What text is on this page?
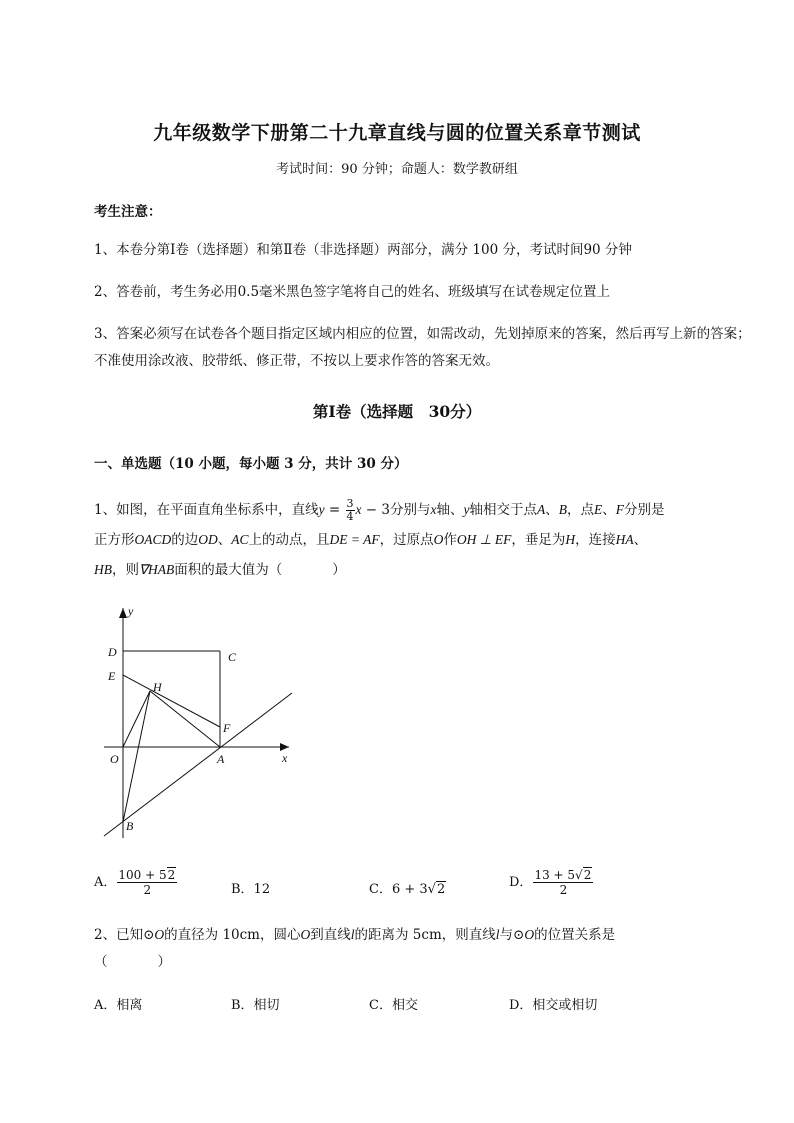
九年级数学下册第二十九章直线与圆的位置关系章节测试
考试时间：90 分钟；命题人：数学教研组
考生注意：
1、本卷分第Ⅰ卷（选择题）和第Ⅱ卷（非选择题）两部分，满分 100 分，考试时间90 分钟
2、答卷前，考生务必用0.5毫米黑色签字笔将自己的姓名、班级填写在试卷规定位置上
3、答案必须写在试卷各个题目指定区域内相应的位置，如需改动，先划掉原来的答案，然后再写上新的答案；不准使用涂改液、胶带纸、修正带，不按以上要求作答的答案无效。
第Ⅰ卷（选择题　30分）
一、单选题（10 小题，每小题 3 分，共计 30 分）
1、如图，在平面直角坐标系中，直线$y = \frac{3}{4}$ x − 3分别与x轴、y轴相交于点A、B，点E、F分别是
正方形OACD的边OD、AC上的动点，且DE = AF，过原点O作OH ⊥ EF，垂足为H，连接HA、
HB，则∇HAB面积的最大值为（	）
y
x
D	C
E
H
F
O	A
B
A． $\frac{100 + 52}{2}$	B．12	C．6 + 3√2	D． $\frac{13 + 5√2}{2}$
2、已知⊙O的直径为 10cm，圆心O到直线l的距离为 5cm，则直线l与⊙O的位置关系是
（	）
A．相离	B．相切	C．相交	D．相交或相切
